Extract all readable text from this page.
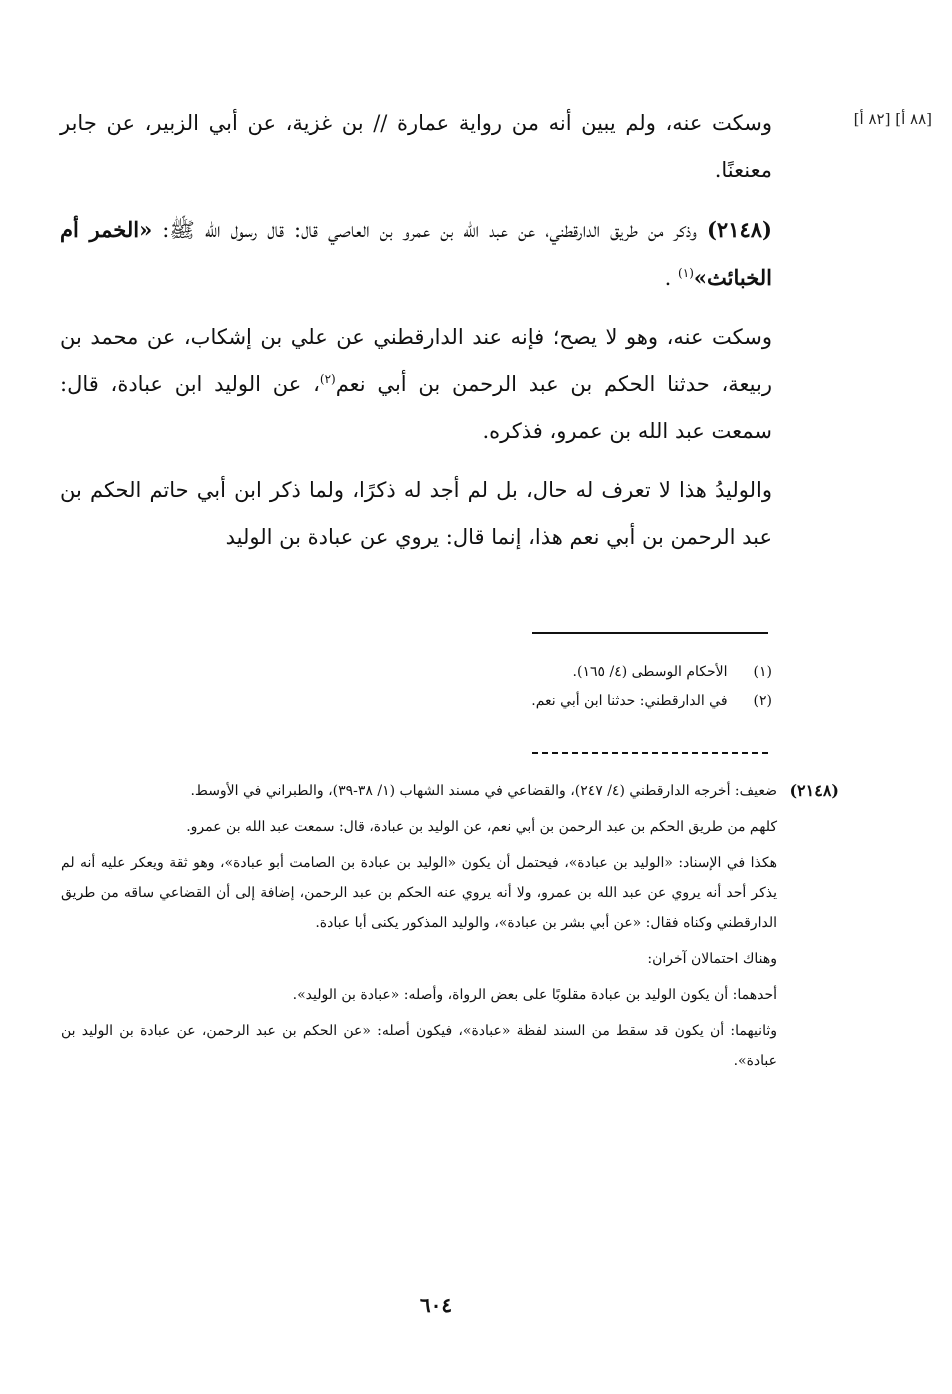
[٨٨ أ] [٨٢ أ]

وسكت عنه، ولم يبين أنه من رواية عمارة // بن غزية، عن أبي الزبير، عن جابر معنعنًا.

(٢١٤٨) وذكر من طريق الدارقطني، عن عبد الله بن عمرو بن العاصي قال: قال رسول الله ﷺ: «الخمر أم الخبائث»$^{(١)}$ .

وسكت عنه، وهو لا يصح؛ فإنه عند الدارقطني عن علي بن إشكاب، عن محمد بن ربيعة، حدثنا الحكم بن عبد الرحمن بن أبي نعم$^{(٢)}$، عن الوليد ابن عبادة، قال: سمعت عبد الله بن عمرو، فذكره.

والوليدُ هذا لا تعرف له حال، بل لم أجد له ذكرًا، ولما ذكر ابن أبي حاتم الحكم بن عبد الرحمن بن أبي نعم هذا، إنما قال: يروي عن عبادة بن الوليد

(١) الأحكام الوسطى (٤/ ١٦٥).

(٢) في الدارقطني: حدثنا ابن أبي نعم.

(٢١٤٨)

ضعيف: أخرجه الدارقطني (٤/ ٢٤٧)، والقضاعي في مسند الشهاب (١/ ٣٨-٣٩)، والطبراني في الأوسط.

كلهم من طريق الحكم بن عبد الرحمن بن أبي نعم، عن الوليد بن عبادة، قال: سمعت عبد الله بن عمرو.

هكذا في الإسناد: «الوليد بن عبادة»، فيحتمل أن يكون «الوليد بن عبادة بن الصامت أبو عبادة»، وهو ثقة ويعكر عليه أنه لم يذكر أحد أنه يروي عن عبد الله بن عمرو، ولا أنه يروي عنه الحكم بن عبد الرحمن، إضافة إلى أن القضاعي ساقه من طريق الدارقطني وكناه فقال: «عن أبي بشر بن عبادة»، والوليد المذكور يكنى أبا عبادة.

وهناك احتمالان آخران:

أحدهما: أن يكون الوليد بن عبادة مقلوبًا على بعض الرواة، وأصله: «عبادة بن الوليد».

وثانيهما: أن يكون قد سقط من السند لفظة «عبادة»، فيكون أصله: «عن الحكم بن عبد الرحمن، عن عبادة بن الوليد بن عبادة».

٦٠٤
